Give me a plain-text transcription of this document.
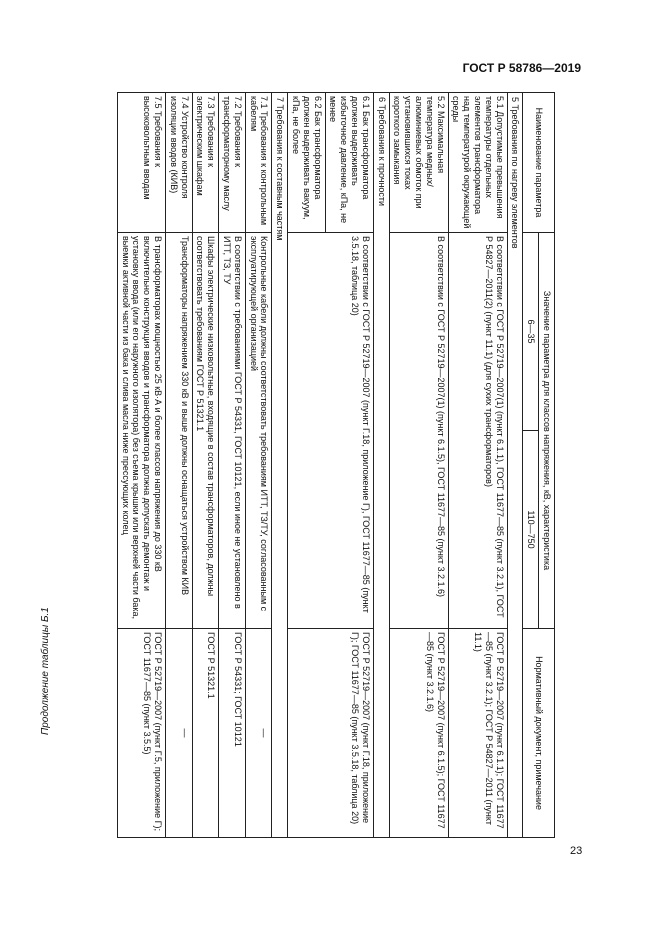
ГОСТ Р 58786—2019
23
Продолжение таблицы Б.1
Наименование параметра	Значение параметра для классов напряжения, кВ, характеристика		Нормативный документ, примечание
	6—35	110—750	
5 Требования по нагреву элементов			
5.1 Допустимые превышения температуры отдельных элементов трансформатора над температурой окружающей среды	В соответствии с ГОСТ Р 52719—2007(1) (пункт 6.1.1), ГОСТ 11677—85 (пункт 3.2.1), ГОСТ Р 54827—2011(2) (пункт 11.1) (для сухих трансформаторов)		ГОСТ Р 52719—2007 (пункт 6.1.1); ГОСТ 11677—85 (пункт 3.2.1); ГОСТ Р 54827—2011 (пункт 11.1)
5.2 Максимальная температура медных/алюминиевых обмоток при установившихся токах короткого замыкания	В соответствии с ГОСТ Р 52719—2007(1) (пункт 6.1.5), ГОСТ 11677—85 (пункт 3.2.1.6)		ГОСТ Р 52719—2007 (пункт 6.1.5); ГОСТ 11677—85 (пункт 3.2.1.6)
6 Требования к прочности			
6.1 Бак трансформатора должен выдерживать избыточное давление, кПа, не менее	В соответствии с ГОСТ Р 52719—2007 (пункт Г.18, приложение Г), ГОСТ 11677—85 (пункт 3.5.18, таблица 20)		ГОСТ Р 52719—2007 (пункт Г.18, приложение Г); ГОСТ 11677—85 (пункт 3.5.18, таблица 20)
6.2 Бак трансформатора должен выдерживать вакуум, кПа, не более			
7 Требования к составным частям			
7.1 Требования к контрольным кабелям	Контрольные кабели должны соответствовать требованиям ИТТ, ТЗ/ТУ, согласованным с эксплуатирующей организацией		—
7.2 Требования к трансформаторному маслу	В соответствии с требованиями ГОСТ Р 54331, ГОСТ 10121, если иное не установлено в ИТТ, ТЗ, ТУ		ГОСТ Р 54331; ГОСТ 10121
7.3 Требования к электрическим шкафам	Шкафы электрические низковольтные, входящие в состав трансформаторов, должны соответствовать требованиям ГОСТ Р 51321.1		ГОСТ Р 51321.1
7.4 Устройство контроля изоляции вводов (КИВ)	Трансформаторы напряжением 330 кВ и выше должны оснащаться устройством КИВ		—
7.5 Требования к высоковольтным вводам	В трансформаторах мощностью 25 кВ·А и более классов напряжения до 330 кВ включительно конструкция вводов и трансформатора должна допускать демонтаж и установку ввода (или его наружного изолятора) без съема крышки или верхней части бака, выемки активной части из бака и слива масла ниже прессующих колец		ГОСТ Р 52719—2007 (пункт Г.5, приложение Г); ГОСТ 11677—85 (пункт 3.5.5)
